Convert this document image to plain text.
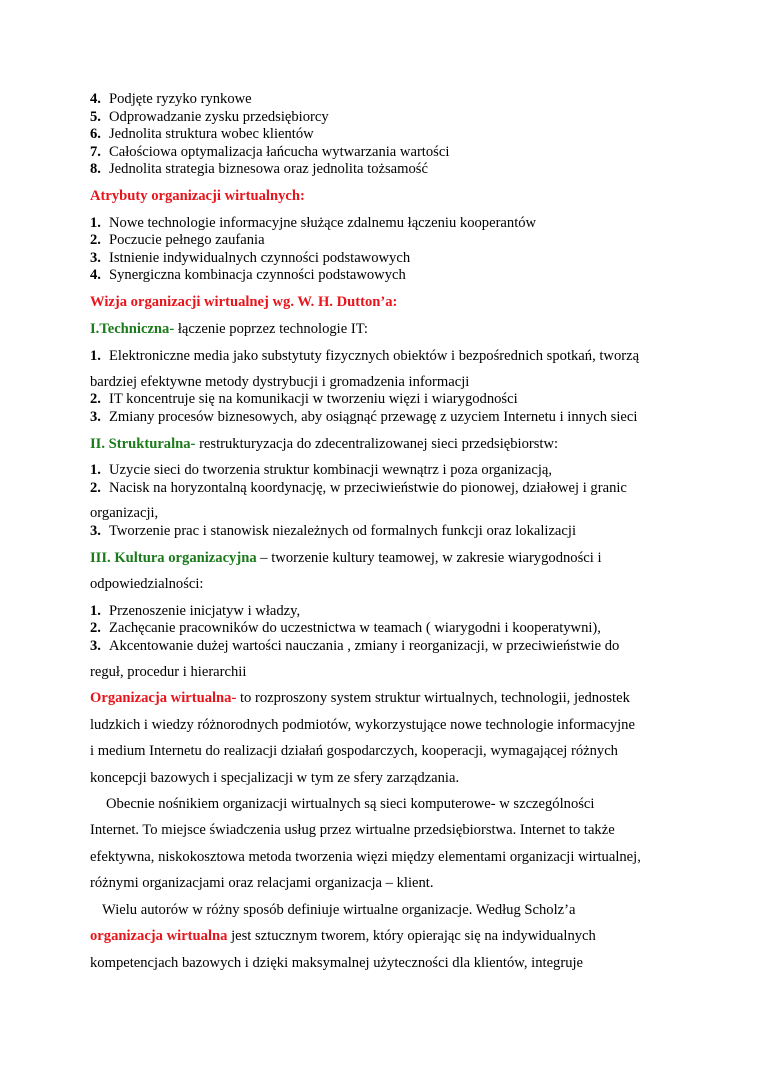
4. Podjęte ryzyko rynkowe
5. Odprowadzanie zysku przedsiębiorcy
6. Jednolita struktura wobec klientów
7. Całościowa optymalizacja łańcucha wytwarzania wartości
8. Jednolita strategia biznesowa oraz jednolita tożsamość
Atrybuty organizacji wirtualnych:
1. Nowe technologie informacyjne służące zdalnemu łączeniu kooperantów
2. Poczucie pełnego zaufania
3. Istnienie indywidualnych czynności podstawowych
4. Synergiczna kombinacja czynności podstawowych
Wizja organizacji wirtualnej wg. W. H. Dutton’a:
I.Techniczna- łączenie poprzez technologie IT:
1. Elektroniczne media jako substytuty fizycznych obiektów i bezpośrednich spotkań, tworzą
bardziej efektywne metody dystrybucji i gromadzenia informacji
2. IT koncentruje się na komunikacji w tworzeniu więzi i wiarygodności
3. Zmiany procesów biznesowych, aby osiągnąć przewagę z uzyciem Internetu i innych sieci
II. Strukturalna- restrukturyzacja do zdecentralizowanej sieci przedsiębiorstw:
1. Uzycie sieci do tworzenia struktur kombinacji wewnątrz i poza organizacją,
2. Nacisk na horyzontalną koordynację, w przeciwieństwie do pionowej, działowej i granic
organizacji,
3. Tworzenie prac i stanowisk niezależnych od formalnych funkcji oraz lokalizacji
III. Kultura organizacyjna – tworzenie kultury teamowej, w zakresie wiarygodności i
odpowiedzialności:
1. Przenoszenie inicjatyw i władzy,
2. Zachęcanie pracowników do uczestnictwa w teamach ( wiarygodni i kooperatywni),
3. Akcentowanie dużej wartości nauczania , zmiany i reorganizacji, w przeciwieństwie do
reguł, procedur i hierarchii
Organizacja wirtualna- to rozproszony system struktur wirtualnych, technologii, jednostek
ludzkich i wiedzy różnorodnych podmiotów, wykorzystujące nowe technologie informacyjne
i medium Internetu do realizacji działań gospodarczych, kooperacji, wymagającej różnych
koncepcji bazowych i specjalizacji w tym ze sfery zarządzania.
Obecnie nośnikiem organizacji wirtualnych są sieci komputerowe- w szczególności
Internet. To miejsce świadczenia usług przez wirtualne przedsiębiorstwa. Internet to także
efektywna, niskokosztowa metoda tworzenia więzi między elementami organizacji wirtualnej,
różnymi organizacjami oraz relacjami organizacja – klient.
Wielu autorów w różny sposób definiuje wirtualne organizacje. Według Scholz’a
organizacja wirtualna jest sztucznym tworem, który opierając się na indywidualnych
kompetencjach bazowych i dzięki maksymalnej użyteczności dla klientów, integruje
